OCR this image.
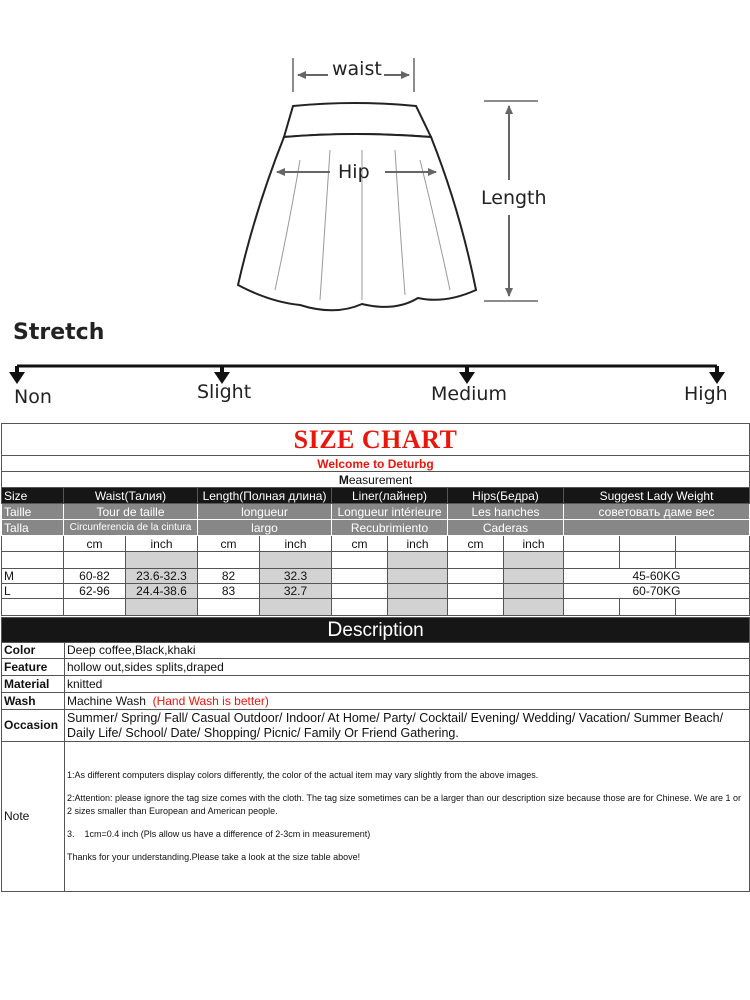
waist
Hip
Length
Stretch
Non	Slight	Medium	High
SIZE CHART											
Welcome to Deturbg											
Measurement											
Size	Waist(Талия)		Length(Полная длина)		Liner(лайнер)		Hips(Бедра)		Suggest Lady Weight		
Taille	Tour de taille		longueur		Longueur intérieure		Les hanches		советовать даме вес		
Talla	Circunferencia de la cintura		largo		Recubrimiento		Caderas				
	cm	inch	cm	inch	cm	inch	cm	inch			

M	60-82	23.6-32.3	82	32.3					45-60KG		
L	62-96	24.4-38.6	83	32.7					60-70KG		

Description	
Color	Deep coffee,Black,khaki
Feature	hollow out,sides splits,draped
Material	knitted
Wash	Machine Wash (Hand Wash is better)
Occasion	Summer/ Spring/ Fall/ Casual Outdoor/ Indoor/ At Home/ Party/ Cocktail/ Evening/ Wedding/ Vacation/ Summer Beach/
Daily Life/ School/ Date/ Shopping/ Picnic/ Family Or Friend Gathering.

Note	1:As different computers display colors differently, the color of the actual item may vary slightly from the above images.

2:Attention: please ignore the tag size comes with the cloth. The tag size sometimes can be a larger than our description size because those are for Chinese. We are 1 or 2 sizes smaller than European and American people.

3.    1cm=0.4 inch (Pls allow us have a difference of 2-3cm in measurement)

Thanks for your understanding.Please take a look at the size table above!
